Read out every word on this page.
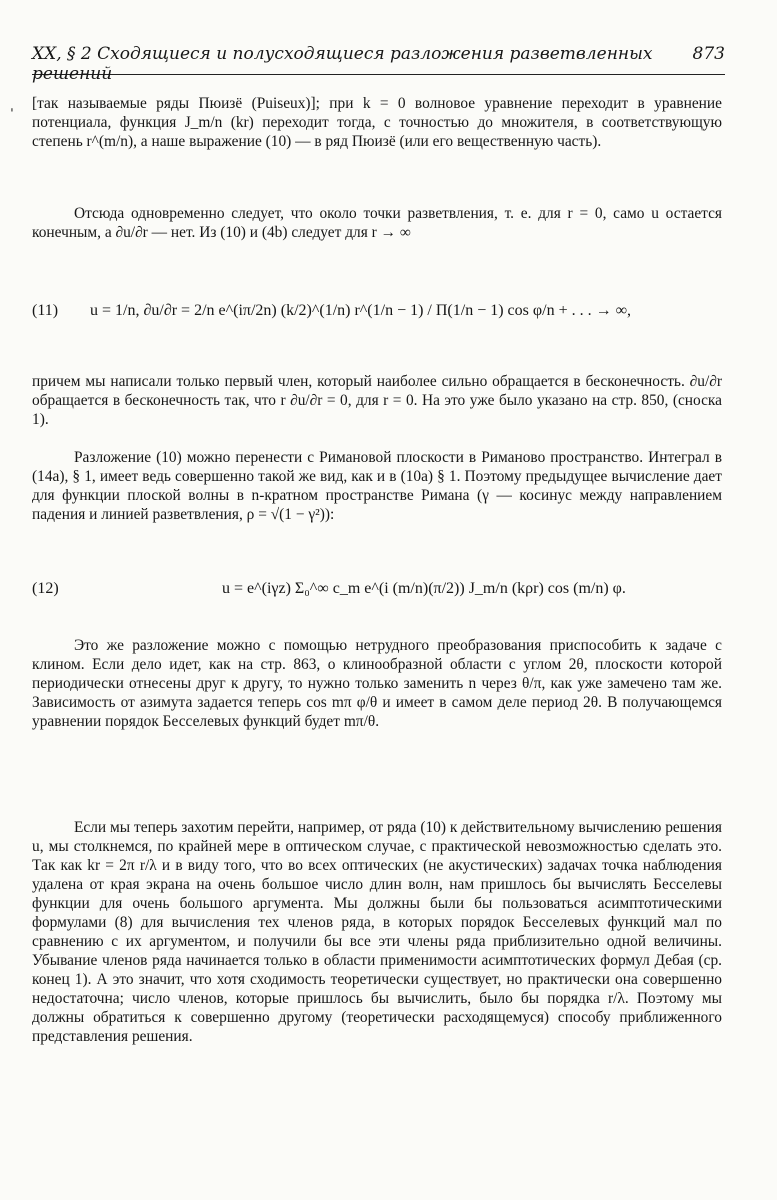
XX, § 2 Сходящиеся и полусходящиеся разложения разветвленных решений
873
ˌ [так называемые ряды Пюизё (Puiseux)]; при k = 0 волновое уравнение переходит в уравнение потенциала, функция J_m/n (kr) переходит тогда, с точностью до множителя, в соответствующую степень r^(m/n), а наше выражение (10) — в ряд Пюизё (или его вещественную часть).

Отсюда одновременно следует, что около точки разветвления, т. е. для r = 0, само u остается конечным, а ∂u/∂r — нет. Из (10) и (4b) следует для r → ∞

(11) u = 1/n, ∂u/∂r = 2/n e^(iπ/2n) (k/2)^(1/n) r^(1/n − 1) / Π(1/n − 1) cos φ/n + . . . → ∞,

причем мы написали только первый член, который наиболее сильно обращается в бесконечность. ∂u/∂r обращается в бесконечность так, что r ∂u/∂r = 0, для r = 0. На это уже было указано на стр. 850, (сноска 1).

Разложение (10) можно перенести с Римановой плоскости в Риманово пространство. Интеграл в (14a), § 1, имеет ведь совершенно такой же вид, как и в (10a) § 1. Поэтому предыдущее вычисление дает для функции плоской волны в n-кратном пространстве Римана (γ — косинус между направлением падения и линией разветвления, ρ = √(1 − γ²)):

(12)	u = e^(iγz) Σ₀^∞ c_m e^(i (m/n)(π/2)) J_m/n (kρr) cos (m/n) φ.

Это же разложение можно с помощью нетрудного преобразования приспособить к задаче с клином. Если дело идет, как на стр. 863, о клинообразной области с углом 2θ, плоскости которой периодически отнесены друг к другу, то нужно только заменить n через θ/π, как уже замечено там же. Зависимость от азимута задается теперь cos mπ φ/θ и имеет в самом деле период 2θ. В получающемся уравнении порядок Бесселевых функций будет mπ/θ.

Если мы теперь захотим перейти, например, от ряда (10) к действительному вычислению решения u, мы столкнемся, по крайней мере в оптическом случае, с практической невозможностью сделать это. Так как kr = 2π r/λ и в виду того, что во всех оптических (не акустических) задачах точка наблюдения удалена от края экрана на очень большое число длин волн, нам пришлось бы вычислять Бесселевы функции для очень большого аргумента. Мы должны были бы пользоваться асимптотическими формулами (8) для вычисления тех членов ряда, в которых порядок Бесселевых функций мал по сравнению с их аргументом, и получили бы все эти члены ряда приблизительно одной величины. Убывание членов ряда начинается только в области применимости асимптотических формул Дебая (ср. конец 1). А это значит, что хотя сходимость теоретически существует, но практически она совершенно недостаточна; число членов, которые пришлось бы вычислить, было бы порядка r/λ. Поэтому мы должны обратиться к совершенно другому (теоретически расходящемуся) способу приближенного представления решения.
